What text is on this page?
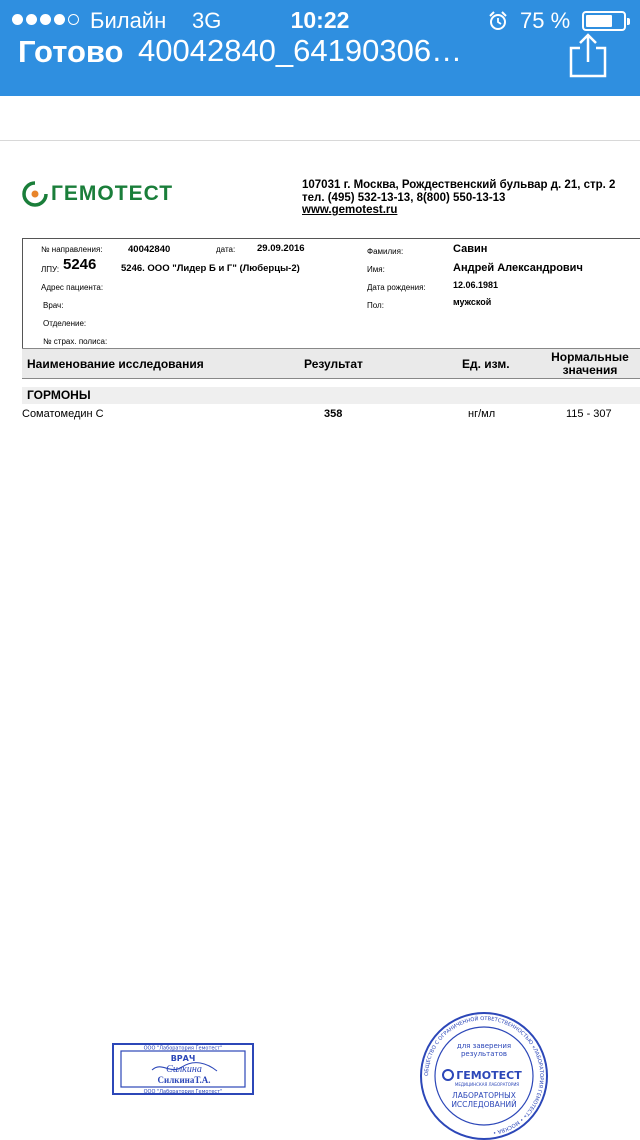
Билайн 3G	10:22	75 %
Готово 40042840_64190306…
ГЕМОТЕСТ	107031 г. Москва, Рождественский бульвар д. 21, стр. 2
тел. (495) 532-13-13, 8(800) 550-13-13
www.gemotest.ru
№ направления:	40042840	дата: 29.09.2016
ЛПУ: 5246	5246. ООО "Лидер Б и Г" (Люберцы-2)
Адрес пациента:
Врач:
Отделение:
№ страх. полиса:
Фамилия:	Савин
Имя:	Андрей Александрович
Дата рождения:	12.06.1981
Пол:	мужской
Наименование исследования	Результат	Ед. изм.	Нормальные значения
ГОРМОНЫ
Соматомедин С	358	нг/мл	115 - 307
ООО "Лаборатория Гемотест"
ВРАЧ
Силкина
СилкинаТ.А.
ООО "Лаборатория Гемотест"
ОБЩЕСТВО С ОГРАНИЧЕННОЙ ОТВЕТСТВЕННОСТЬЮ «ЛАБОРАТОРИЯ ГЕМОТЕСТ» • МОСКВА •
для заверения
результатов
ГЕМОТЕСТ
МЕДИЦИНСКАЯ ЛАБОРАТОРИЯ
ЛАБОРАТОРНЫХ
ИССЛЕДОВАНИЙ
